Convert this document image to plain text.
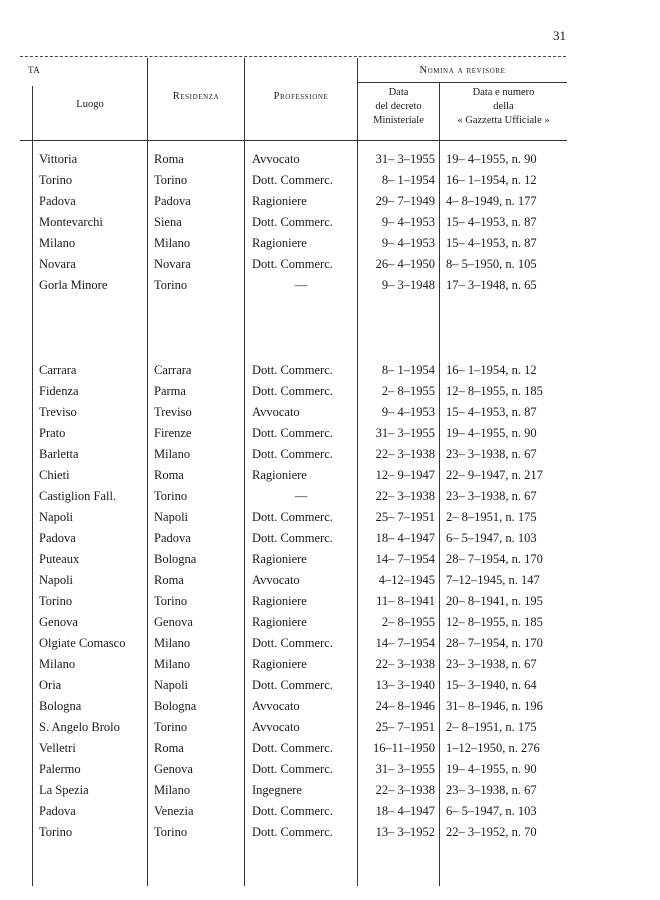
31
TA
Luogo
Residenza	Professione
Nomina a revisore
Data
del decreto
Ministeriale
Data e numero
della
« Gazzetta Ufficiale »
Vittoria	Roma	Avvocato	31– 3–1955	19– 4–1955, n. 90
Torino	Torino	Dott. Commerc.	8– 1–1954	16– 1–1954, n. 12
Padova	Padova	Ragioniere	29– 7–1949	4– 8–1949, n. 177
Montevarchi	Siena	Dott. Commerc.	9– 4–1953	15– 4–1953, n. 87
Milano	Milano	Ragioniere	9– 4–1953	15– 4–1953, n. 87
Novara	Novara	Dott. Commerc.	26– 4–1950	8– 5–1950, n. 105
Gorla Minore	Torino	—	9– 3–1948	17– 3–1948, n. 65

Carrara	Carrara	Dott. Commerc.	8– 1–1954	16– 1–1954, n. 12
Fidenza	Parma	Dott. Commerc.	2– 8–1955	12– 8–1955, n. 185
Treviso	Treviso	Avvocato	9– 4–1953	15– 4–1953, n. 87
Prato	Firenze	Dott. Commerc.	31– 3–1955	19– 4–1955, n. 90
Barletta	Milano	Dott. Commerc.	22– 3–1938	23– 3–1938, n. 67
Chieti	Roma	Ragioniere	12– 9–1947	22– 9–1947, n. 217
Castiglion Fall.	Torino	—	22– 3–1938	23– 3–1938, n. 67
Napoli	Napoli	Dott. Commerc.	25– 7–1951	2– 8–1951, n. 175
Padova	Padova	Dott. Commerc.	18– 4–1947	6– 5–1947, n. 103
Puteaux	Bologna	Ragioniere	14– 7–1954	28– 7–1954, n. 170
Napoli	Roma	Avvocato	4–12–1945	7–12–1945, n. 147
Torino	Torino	Ragioniere	11– 8–1941	20– 8–1941, n. 195
Genova	Genova	Ragioniere	2– 8–1955	12– 8–1955, n. 185
Olgiate Comasco	Milano	Dott. Commerc.	14– 7–1954	28– 7–1954, n. 170
Milano	Milano	Ragioniere	22– 3–1938	23– 3–1938, n. 67
Oria	Napoli	Dott. Commerc.	13– 3–1940	15– 3–1940, n. 64
Bologna	Bologna	Avvocato	24– 8–1946	31– 8–1946, n. 196
S. Angelo Brolo	Torino	Avvocato	25– 7–1951	2– 8–1951, n. 175
Velletri	Roma	Dott. Commerc.	16–11–1950	1–12–1950, n. 276
Palermo	Genova	Dott. Commerc.	31– 3–1955	19– 4–1955, n. 90
La Spezia	Milano	Ingegnere	22– 3–1938	23– 3–1938, n. 67
Padova	Venezia	Dott. Commerc.	18– 4–1947	6– 5–1947, n. 103
Torino	Torino	Dott. Commerc.	13– 3–1952	22– 3–1952, n. 70
